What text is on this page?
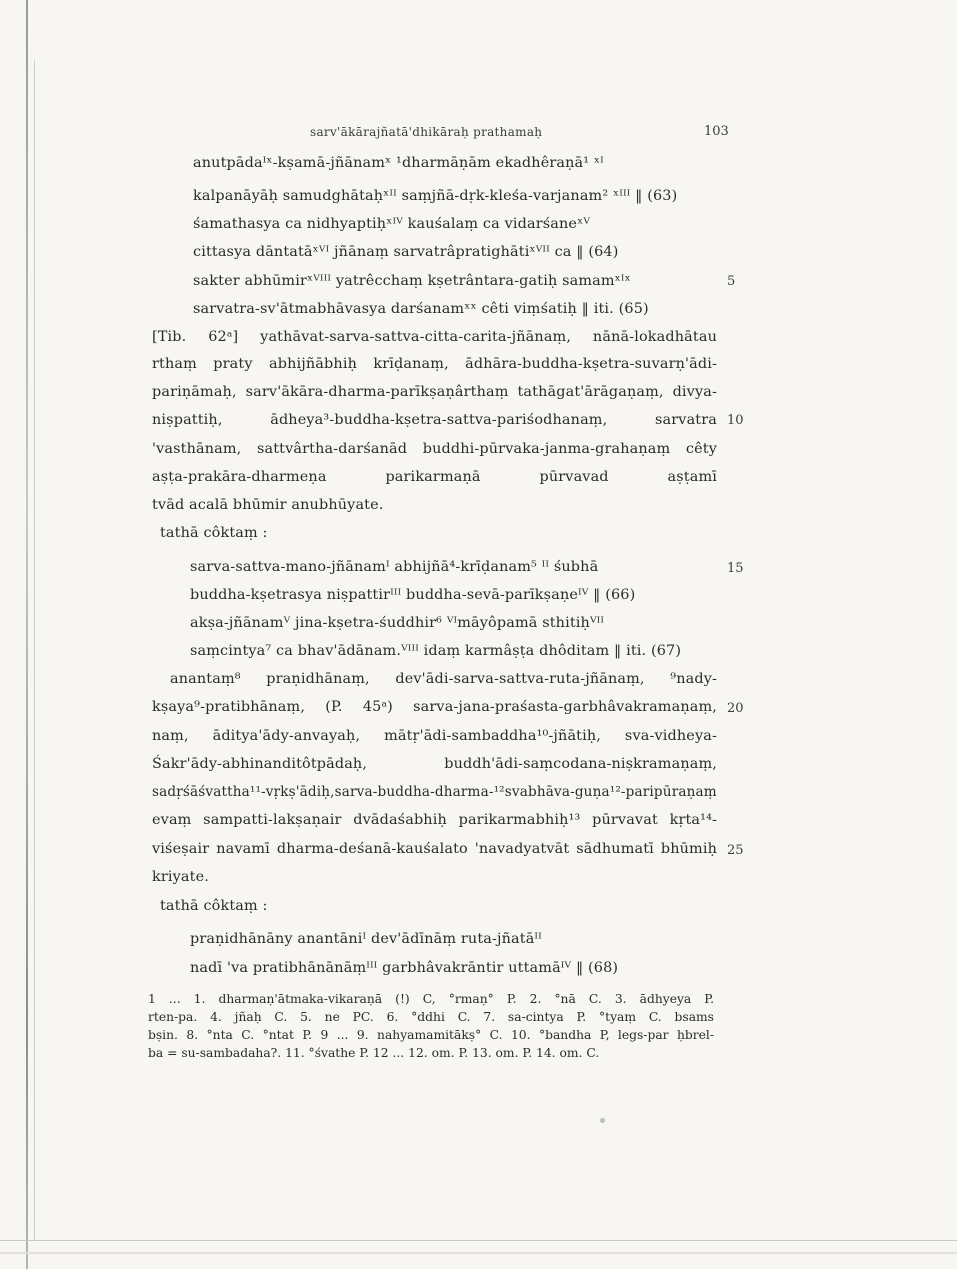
sarv'ākārajñatā'dhikāraḥ prathamaḥ	103
anutpādaᴵˣ-kṣamā-jñānamˣ ¹dharmāṇām ekadhêraṇā¹ ˣᴵ
kalpanāyāḥ samudghātaḥˣᴵᴵ saṃjñā-dṛk-kleśa-varjanam² ˣᴵᴵᴵ ‖ (63)
śamathasya ca nidhyaptiḥˣᴵⱽ kauśalaṃ ca vidarśaneˣⱽ
cittasya dāntatāˣⱽᴵ jñānaṃ sarvatrâpratighātiˣⱽᴵᴵ ca ‖ (64)
sakter abhūmirˣⱽᴵᴵᴵ yatrêcchaṃ kṣetrântara-gatiḥ samamˣᴵˣ
sarvatra-sv'ātmabhāvasya darśanamˣˣ cêti viṃśatiḥ ‖ iti. (65)
[Tib. 62ᵃ] yathāvat-sarva-sattva-citta-carita-jñānaṃ, nānā-lokadhātau
rthaṃ praty abhijñābhiḥ krīḍanaṃ, ādhāra-buddha-kṣetra-suvarṇ'ādi-
pariṇāmaḥ, sarv'ākāra-dharma-parīkṣaṇârthaṃ tathāgat'ārāgaṇaṃ, divya-
niṣpattiḥ, ādheya³-buddha-kṣetra-sattva-pariśodhanaṃ, sarvatra
'vasthānam, sattvârtha-darśanād buddhi-pūrvaka-janma-grahaṇaṃ cêty
aṣṭa-prakāra-dharmeṇa parikarmaṇā pūrvavad aṣṭamī
tvād acalā bhūmir anubhūyate.
tathā côktaṃ :
sarva-sattva-mano-jñānamᴵ abhijñā⁴-krīḍanam⁵ ᴵᴵ śubhā
buddha-kṣetrasya niṣpattirᴵᴵᴵ buddha-sevā-parīkṣaṇeᴵⱽ ‖ (66)
akṣa-jñānamⱽ jina-kṣetra-śuddhir⁶ ⱽᴵmāyôpamā sthitiḥⱽᴵᴵ
saṃcintya⁷ ca bhav'ādānam.ⱽᴵᴵᴵ idaṃ karmâṣṭa dhôditam ‖ iti. (67)
anantaṃ⁸ praṇidhānaṃ, dev'ādi-sarva-sattva-ruta-jñānaṃ, ⁹nady-
kṣaya⁹-pratibhānaṃ, (P. 45ᵃ) sarva-jana-praśasta-garbhâvakramaṇaṃ,
naṃ, āditya'ādy-anvayaḥ, mātṛ'ādi-sambaddha¹⁰-jñātiḥ, sva-vidheya-
Śakr'ādy-abhinanditôtpādaḥ, buddh'ādi-saṃcodana-niṣkramaṇaṃ,
sadṛśāśvattha¹¹-vṛkṣ'ādiḥ,sarva-buddha-dharma-¹²svabhāva-guṇa¹²-paripūraṇaṃ
evaṃ sampatti-lakṣaṇair dvādaśabhiḥ parikarmabhiḥ¹³ pūrvavat kṛta¹⁴-
viśeṣair navamī dharma-deśanā-kauśalato 'navadyatvāt sādhumatī bhūmiḥ
kriyate.
tathā côktaṃ :
praṇidhānāny anantāniᴵ dev'ādīnāṃ ruta-jñatāᴵᴵ
nadī 'va pratibhānānāṃᴵᴵᴵ garbhâvakrāntir uttamāᴵⱽ ‖ (68)
5
10
15
20
25
1 ... 1. dharmaṇ'ātmaka-vikaraṇā (!) C, °rmaṇ° P. 2. °nā C. 3. ādhyeya P.
rten-pa. 4. jñaḥ C. 5. ne PC. 6. °ddhi C. 7. sa-cintya P. °tyaṃ C. bsams
bṣin. 8. °nta C. °ntat P. 9 ... 9. nahyamamitākṣ° C. 10. °bandha P, legs-par ḥbrel-
ba = su-sambadaha?. 11. °śvathe P. 12 ... 12. om. P. 13. om. P. 14. om. C.
